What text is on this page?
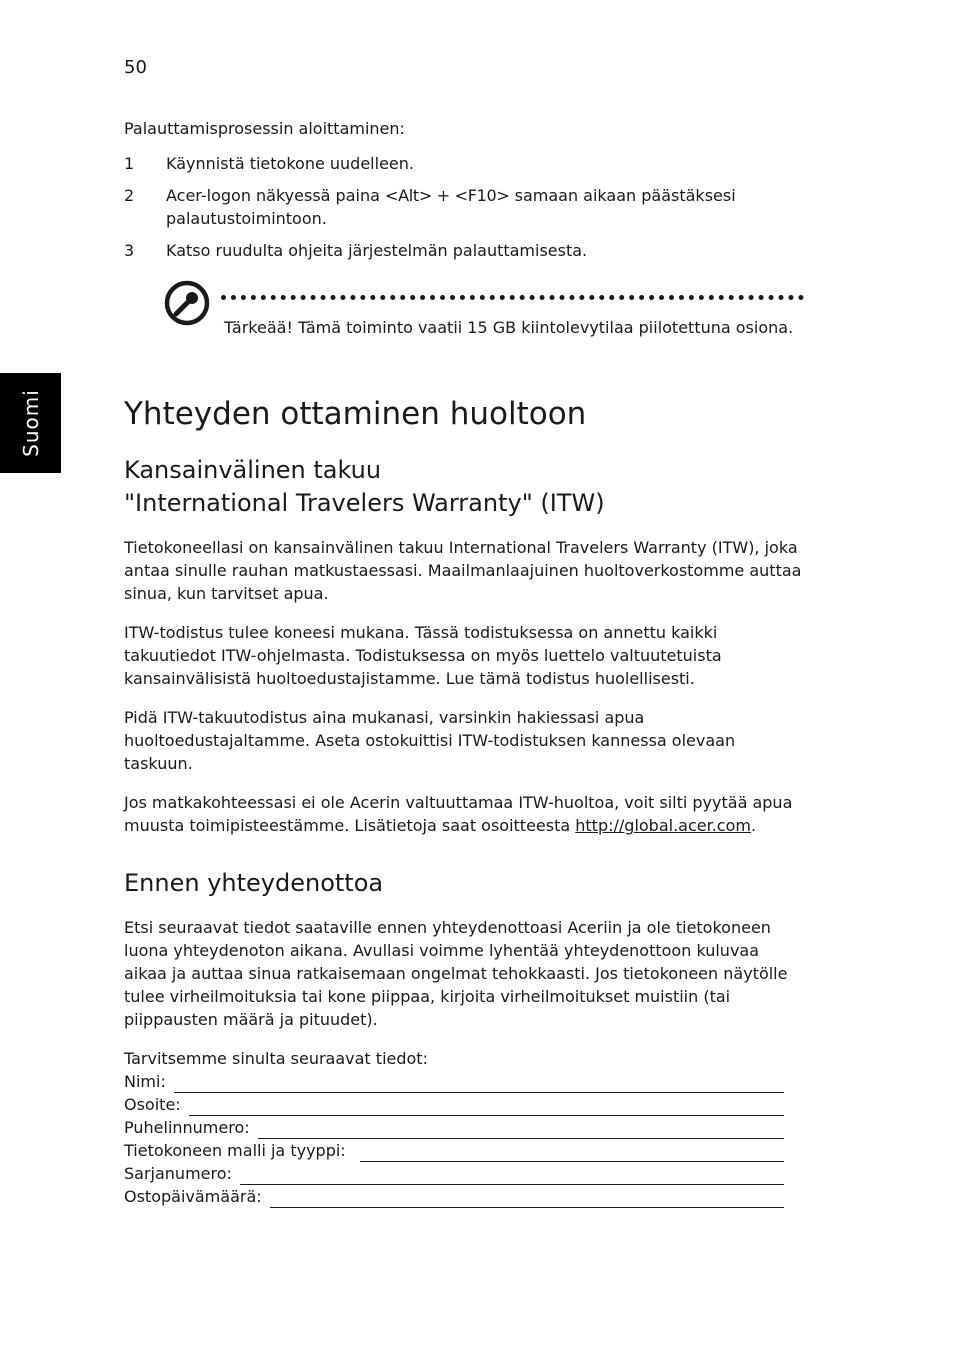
50
Suomi

Palauttamisprosessin aloittaminen:

1 Käynnistä tietokone uudelleen.
2 Acer-logon näkyessä paina <Alt> + <F10> samaan aikaan päästäksesi palautustoimintoon.
3 Katso ruudulta ohjeita järjestelmän palauttamisesta.
Tärkeää! Tämä toiminto vaatii 15 GB kiintolevytilaa piilotettuna osiona.
Yhteyden ottaminen huoltoon
Kansainvälinen takuu
"International Travelers Warranty" (ITW)

Tietokoneellasi on kansainvälinen takuu International Travelers Warranty (ITW), joka antaa sinulle rauhan matkustaessasi. Maailmanlaajuinen huoltoverkostomme auttaa sinua, kun tarvitset apua.

ITW-todistus tulee koneesi mukana. Tässä todistuksessa on annettu kaikki takuutiedot ITW-ohjelmasta. Todistuksessa on myös luettelo valtuutetuista kansainvälisistä huoltoedustajistamme. Lue tämä todistus huolellisesti.

Pidä ITW-takuutodistus aina mukanasi, varsinkin hakiessasi apua huoltoedustajaltamme. Aseta ostokuittisi ITW-todistuksen kannessa olevaan taskuun.

Jos matkakohteessasi ei ole Acerin valtuuttamaa ITW-huoltoa, voit silti pyytää apua muusta toimipisteestämme. Lisätietoja saat osoitteesta http://global.acer.com.

Ennen yhteydenottoa

Etsi seuraavat tiedot saataville ennen yhteydenottoasi Aceriin ja ole tietokoneen luona yhteydenoton aikana. Avullasi voimme lyhentää yhteydenottoon kuluvaa aikaa ja auttaa sinua ratkaisemaan ongelmat tehokkaasti. Jos tietokoneen näytölle tulee virheilmoituksia tai kone piippaa, kirjoita virheilmoitukset muistiin (tai piippausten määrä ja pituudet).

Tarvitsemme sinulta seuraavat tiedot:
Nimi:
Osoite:
Puhelinnumero:
Tietokoneen malli ja tyyppi:
Sarjanumero:
Ostopäivämäärä:
